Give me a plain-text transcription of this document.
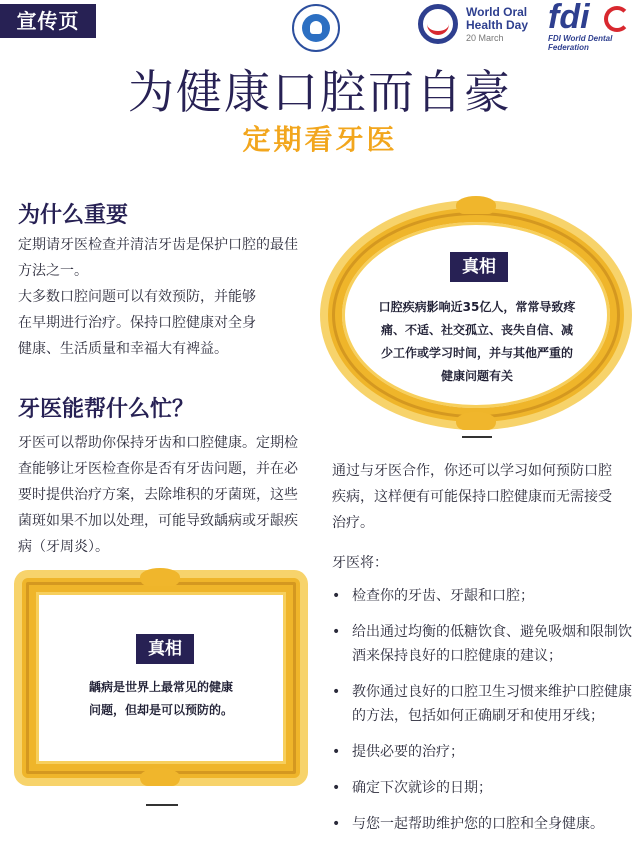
宣传页	World Oral
Health Day
20 March
fdi
FDI World Dental Federation
为健康口腔而自豪
定期看牙医
为什么重要
定期请牙医检查并清洁牙齿是保护口腔的最佳
方法之一。
大多数口腔问题可以有效预防，并能够
在早期进行治疗。保持口腔健康对全身
健康、生活质量和幸福大有裨益。
牙医能帮什么忙？
牙医可以帮助你保持牙齿和口腔健康。定期检
查能够让牙医检查你是否有牙齿问题，并在必
要时提供治疗方案，去除堆积的牙菌斑，这些
菌斑如果不加以处理，可能导致龋病或牙龈疾
病（牙周炎）。
真相
口腔疾病影响近35亿人，常常导致疼
痛、不适、社交孤立、丧失自信、减
少工作或学习时间，并与其他严重的
健康问题有关
通过与牙医合作，你还可以学习如何预防口腔
疾病，这样便有可能保持口腔健康而无需接受
治疗。
牙医将：
• 检查你的牙齿、牙龈和口腔；
• 给出通过均衡的低糖饮食、避免吸烟和限制饮酒来保持良好的口腔健康的建议；
• 教你通过良好的口腔卫生习惯来维护口腔健康的方法，包括如何正确刷牙和使用牙线；
• 提供必要的治疗；
• 确定下次就诊的日期；
• 与您一起帮助维护您的口腔和全身健康。
真相
龋病是世界上最常见的健康
问题，但却是可以预防的。
